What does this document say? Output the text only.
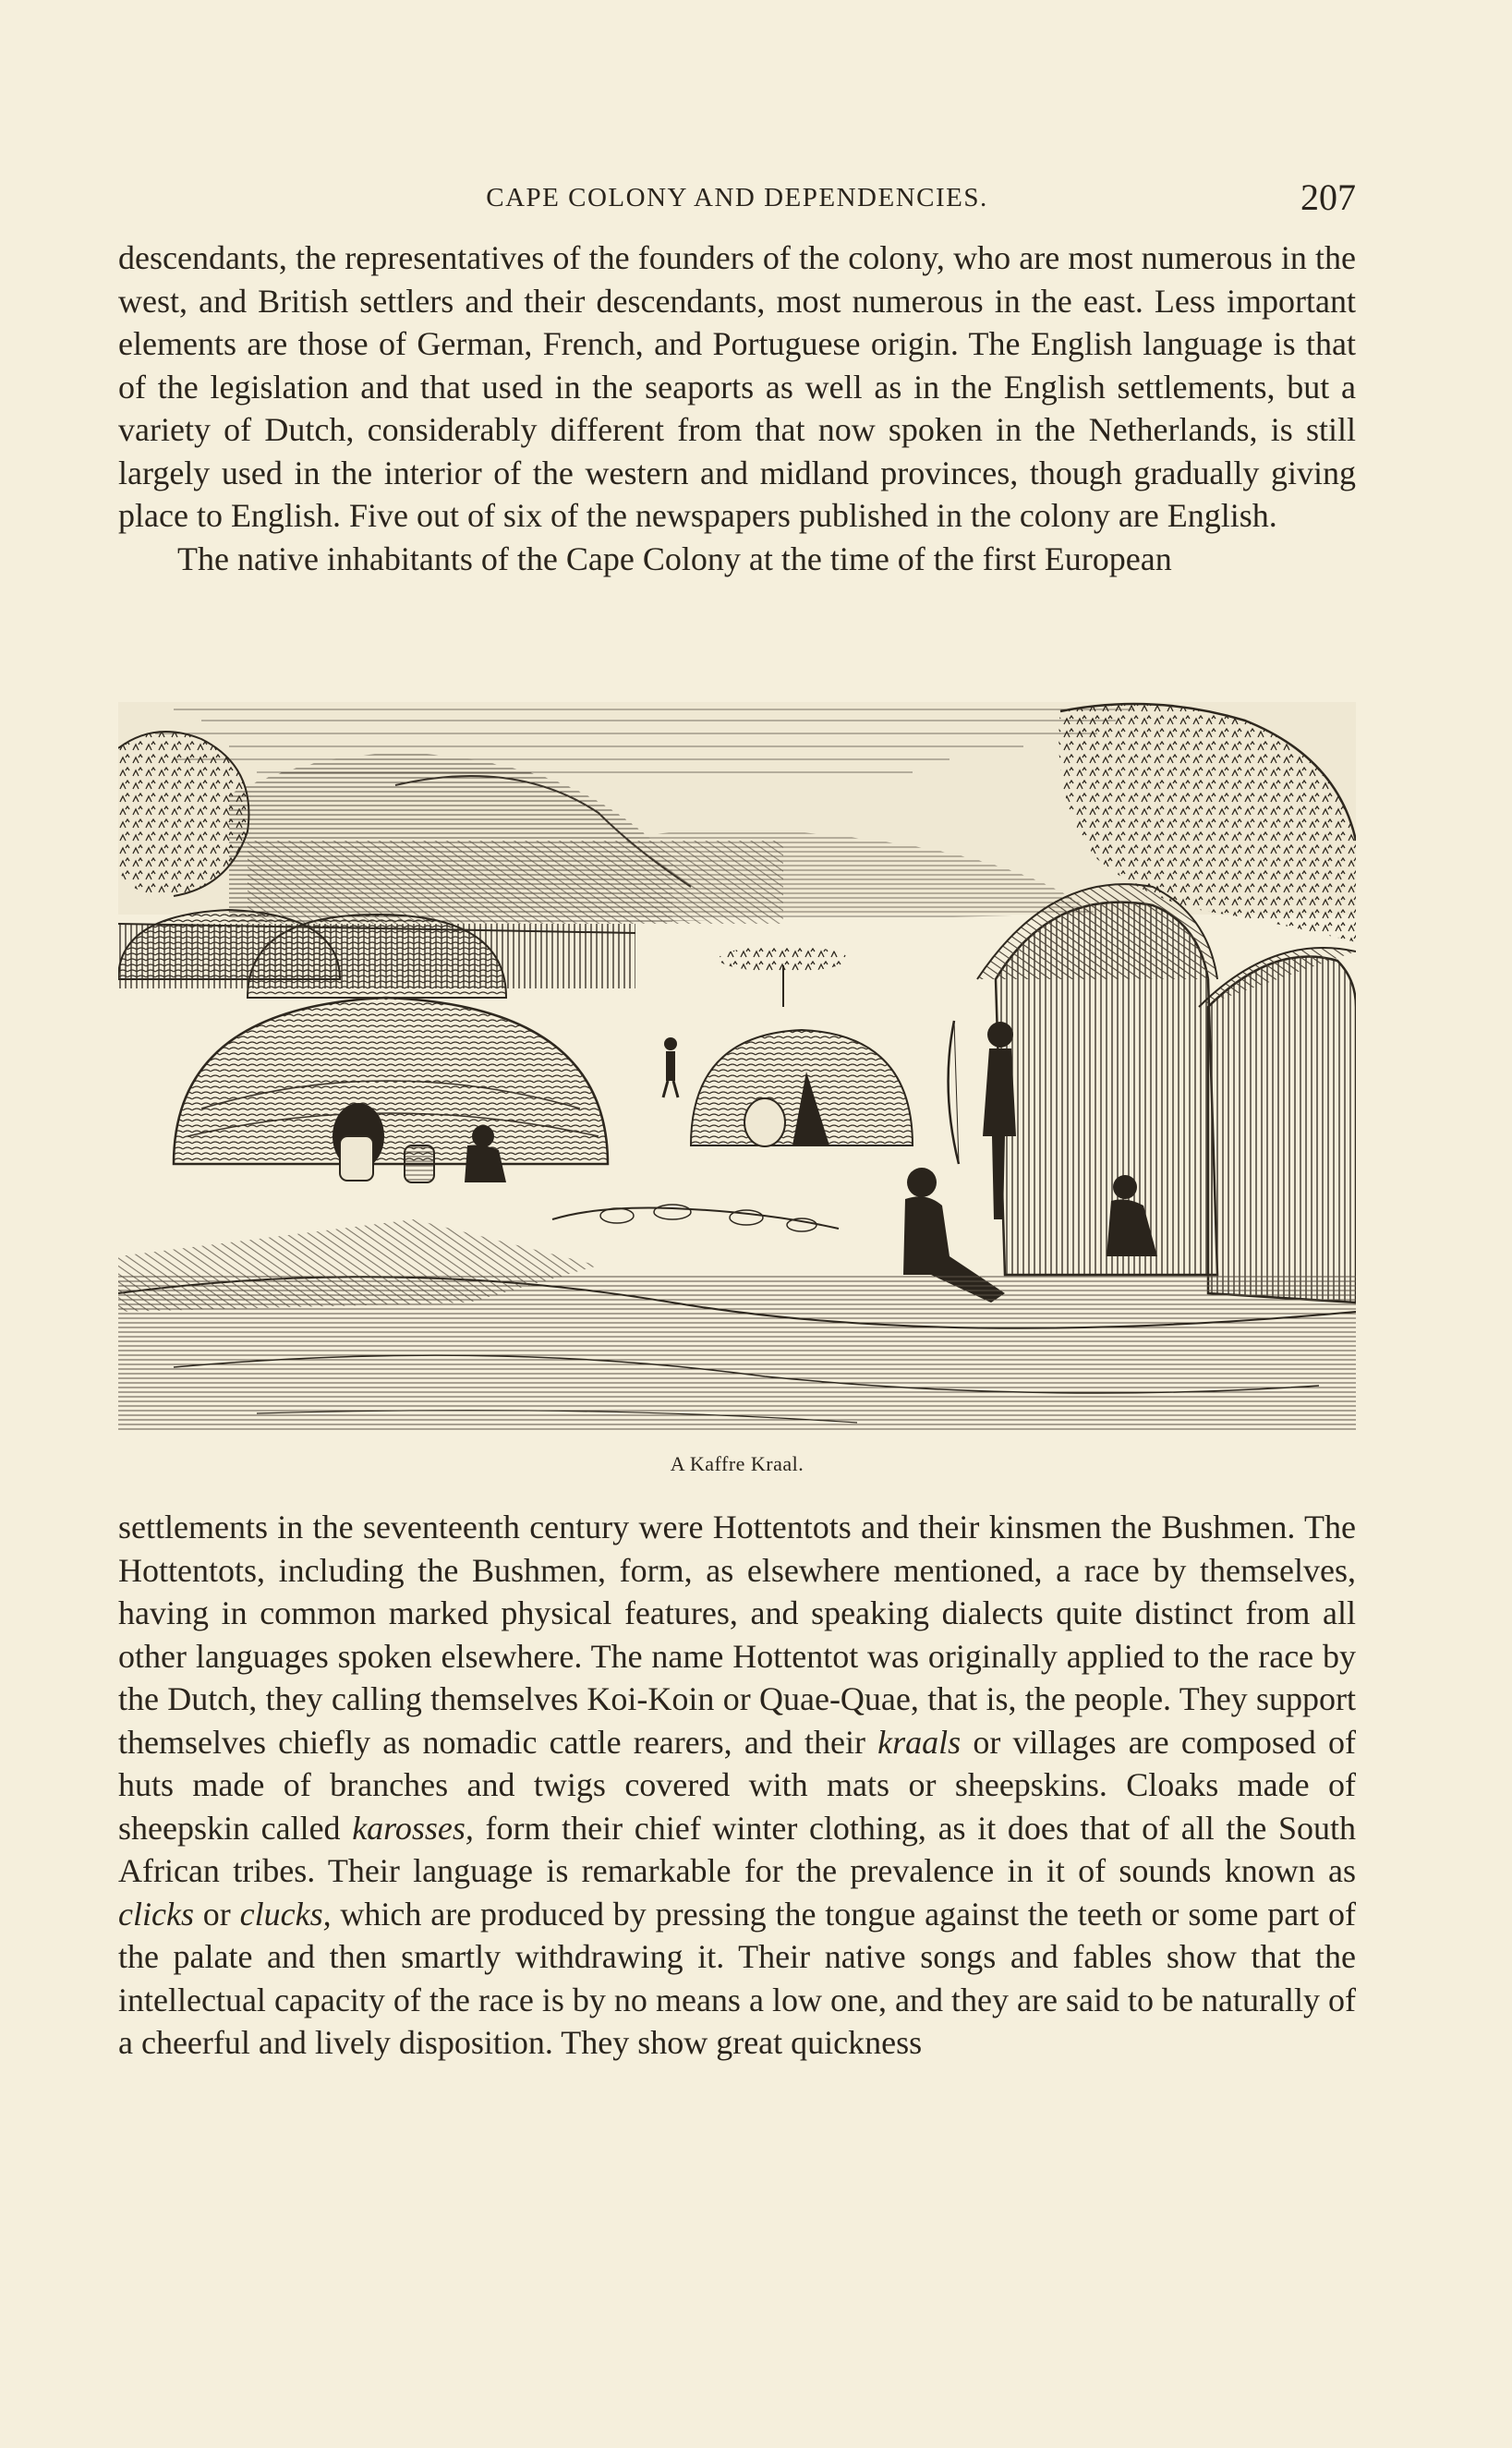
CAPE COLONY AND DEPENDENCIES.	207

descendants, the representatives of the founders of the colony, who are most numerous in the west, and British settlers and their descendants, most numerous in the east. Less important elements are those of German, French, and Portuguese origin. The English language is that of the legislation and that used in the seaports as well as in the English settlements, but a variety of Dutch, considerably different from that now spoken in the Netherlands, is still largely used in the interior of the western and midland provinces, though gradually giving place to English. Five out of six of the newspapers published in the colony are English.
The native inhabitants of the Cape Colony at the time of the first European

A Kaffre Kraal.

settlements in the seventeenth century were Hottentots and their kinsmen the Bushmen. The Hottentots, including the Bushmen, form, as elsewhere mentioned, a race by themselves, having in common marked physical features, and speaking dialects quite distinct from all other languages spoken elsewhere. The name Hottentot was originally applied to the race by the Dutch, they calling themselves Koi-Koin or Quae-Quae, that is, the people. They support themselves chiefly as nomadic cattle rearers, and their kraals or villages are composed of huts made of branches and twigs covered with mats or sheepskins. Cloaks made of sheepskin called karosses, form their chief winter clothing, as it does that of all the South African tribes. Their language is remarkable for the prevalence in it of sounds known as clicks or clucks, which are produced by pressing the tongue against the teeth or some part of the palate and then smartly withdrawing it. Their native songs and fables show that the intellectual capacity of the race is by no means a low one, and they are said to be naturally of a cheerful and lively disposition. They show great quickness
